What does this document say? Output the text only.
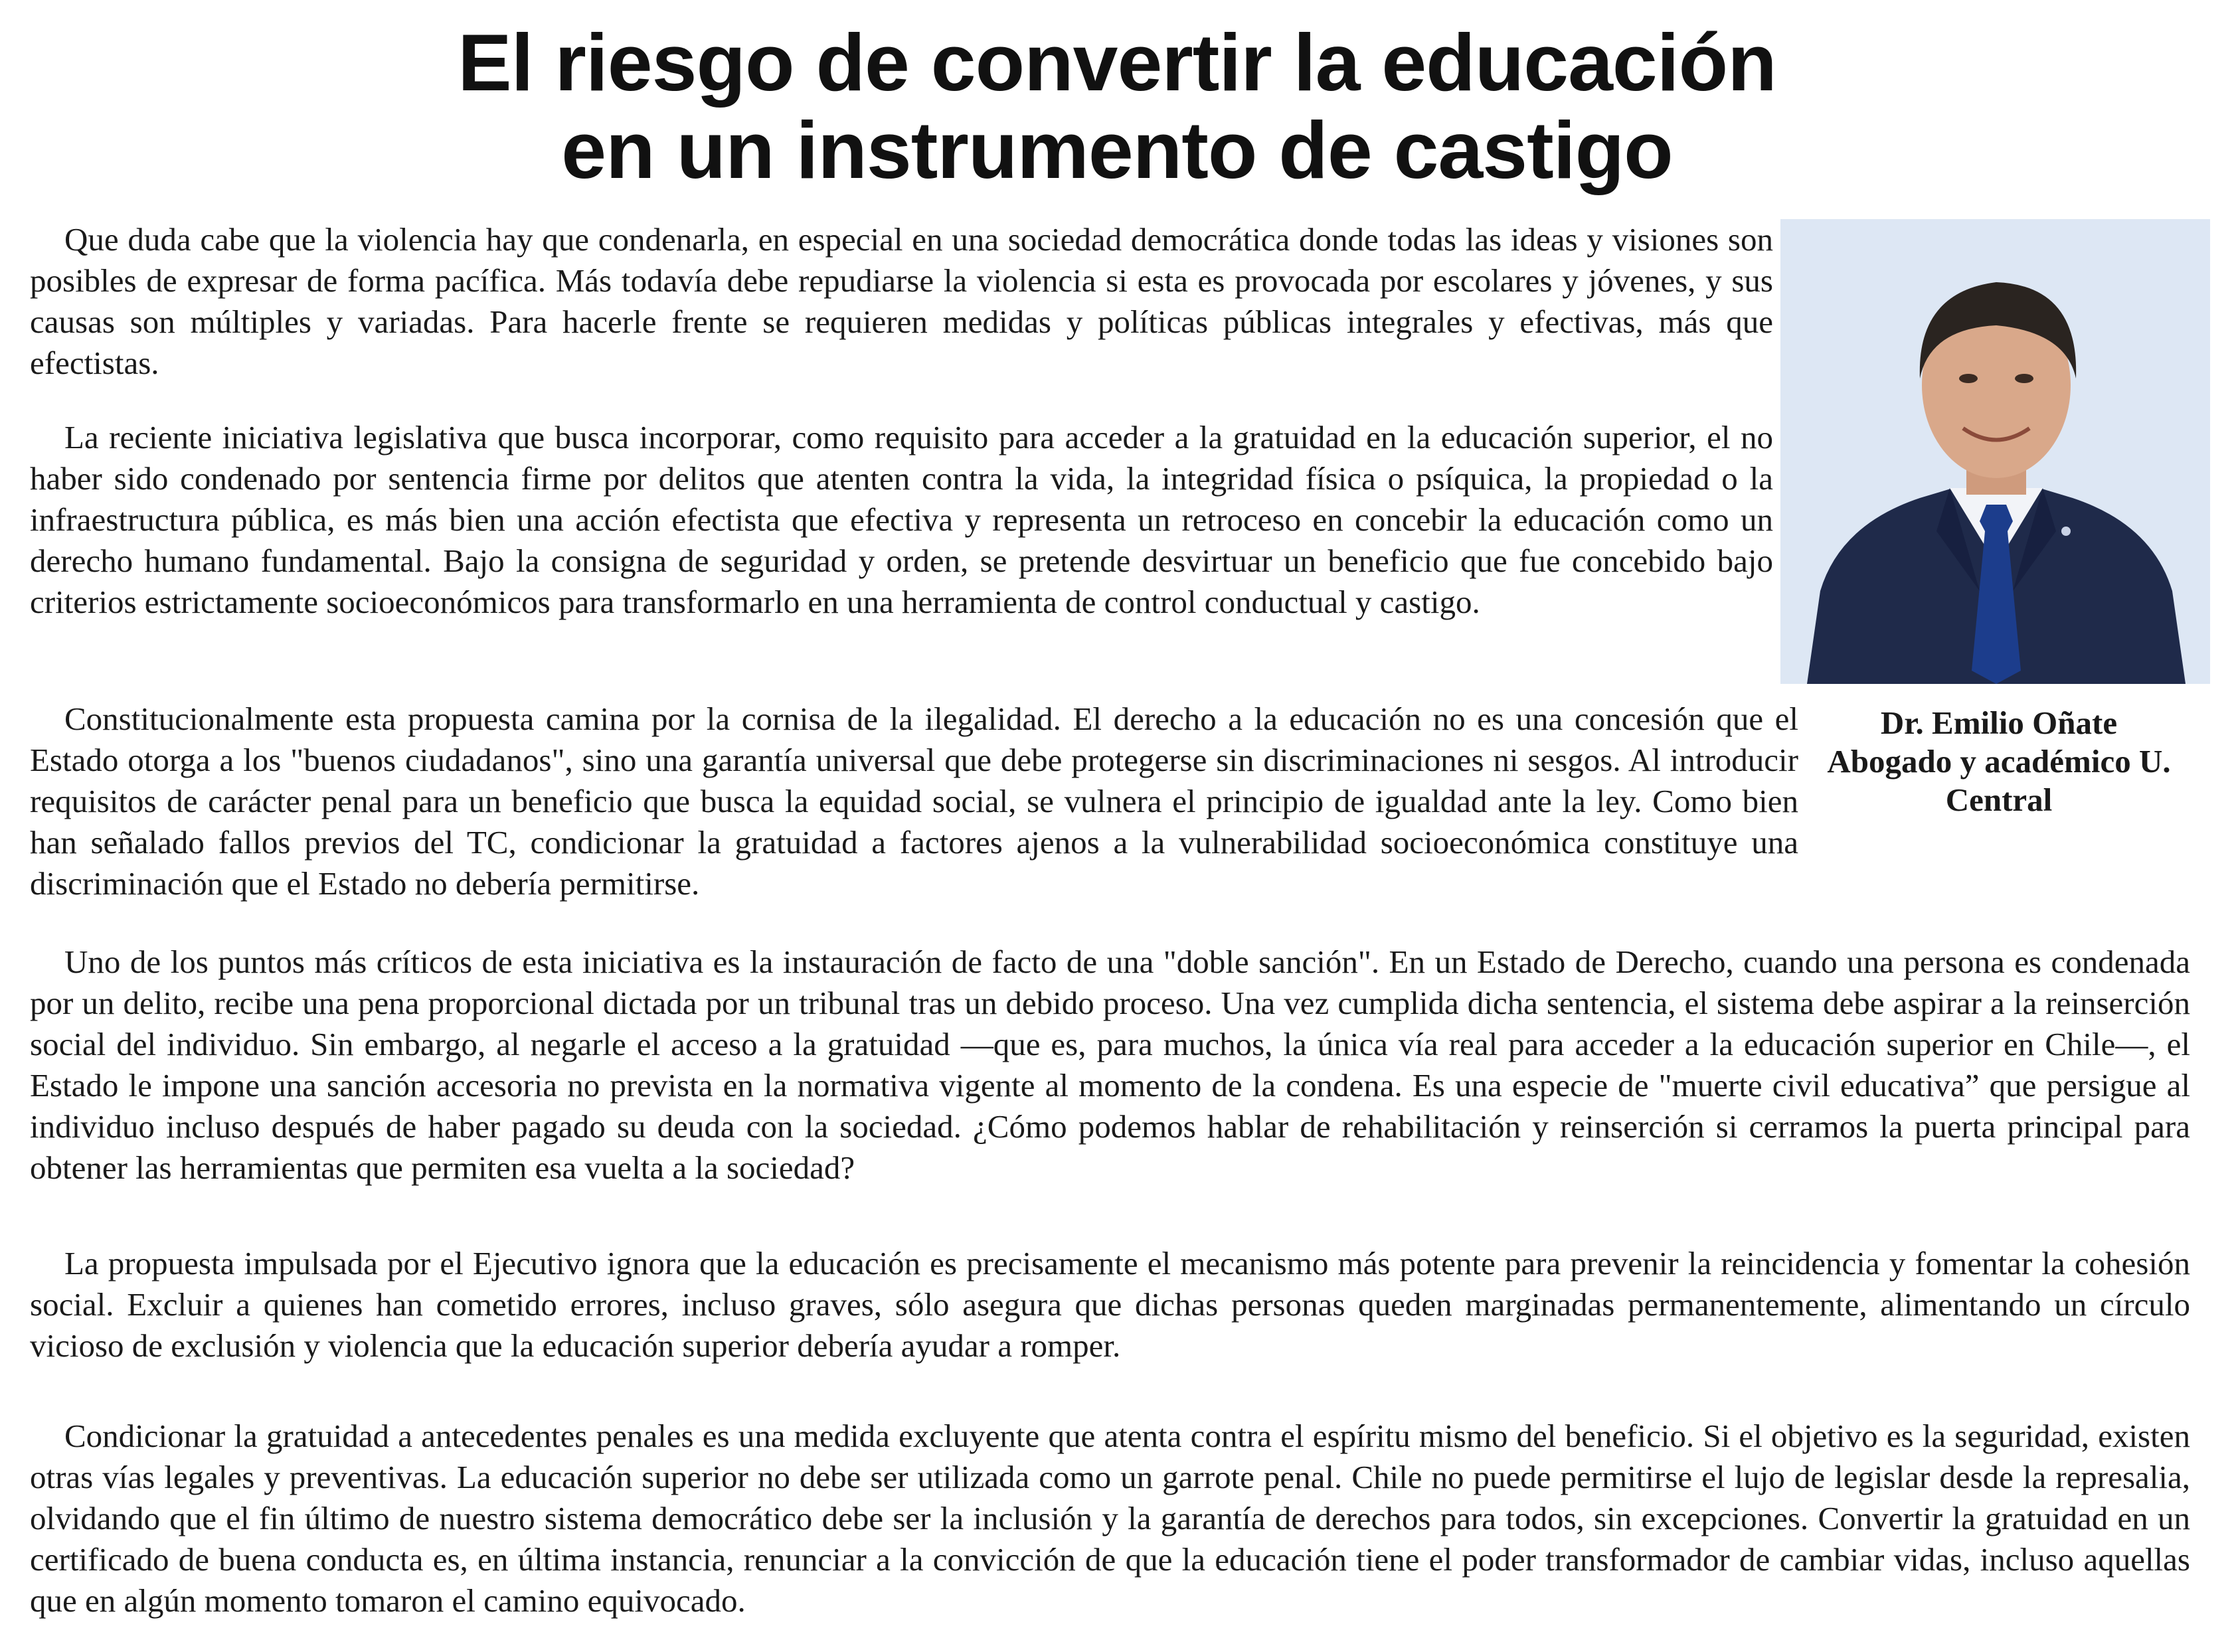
El riesgo de convertir la educación
en un instrumento de castigo

Que duda cabe que la violencia hay que condenarla, en especial en una sociedad democrática donde todas las ideas y visiones son posibles de expresar de forma pacífica. Más todavía debe repudiarse la violencia si esta es provocada por escolares y jóvenes, y sus causas son múltiples y variadas. Para hacerle frente se requieren medidas y políticas públicas integrales y efectivas, más que efectistas.

La reciente iniciativa legislativa que busca incorporar, como requisito para acceder a la gratuidad en la educación superior, el no haber sido condenado por sentencia firme por delitos que atenten contra la vida, la integridad física o psíquica, la propiedad o la infraestructura pública, es más bien una acción efectista que efectiva y representa un retroceso en concebir la educación como un derecho humano fundamental. Bajo la consigna de seguridad y orden, se pretende desvirtuar un beneficio que fue concebido bajo criterios estrictamente socioeconómicos para transformarlo en una herramienta de control conductual y castigo.

Constitucionalmente esta propuesta camina por la cornisa de la ilegalidad. El derecho a la educación no es una concesión que el Estado otorga a los "buenos ciudadanos", sino una garantía universal que debe protegerse sin discriminaciones ni sesgos. Al introducir requisitos de carácter penal para un beneficio que busca la equidad social, se vulnera el principio de igualdad ante la ley. Como bien han señalado fallos previos del TC, condicionar la gratuidad a factores ajenos a la vulnerabilidad socioeconómica constituye una discriminación que el Estado no debería permitirse.

Uno de los puntos más críticos de esta iniciativa es la instauración de facto de una "doble sanción". En un Estado de Derecho, cuando una persona es condenada por un delito, recibe una pena proporcional dictada por un tribunal tras un debido proceso. Una vez cumplida dicha sentencia, el sistema debe aspirar a la reinserción social del individuo. Sin embargo, al negarle el acceso a la gratuidad —que es, para muchos, la única vía real para acceder a la educación superior en Chile—, el Estado le impone una sanción accesoria no prevista en la normativa vigente al momento de la condena. Es una especie de "muerte civil educativa” que persigue al individuo incluso después de haber pagado su deuda con la sociedad. ¿Cómo podemos hablar de rehabilitación y reinserción si cerramos la puerta principal para obtener las herramientas que permiten esa vuelta a la sociedad?

La propuesta impulsada por el Ejecutivo ignora que la educación es precisamente el mecanismo más potente para prevenir la reincidencia y fomentar la cohesión social. Excluir a quienes han cometido errores, incluso graves, sólo asegura que dichas personas queden marginadas permanentemente, alimentando un círculo vicioso de exclusión y violencia que la educación superior debería ayudar a romper.

Condicionar la gratuidad a antecedentes penales es una medida excluyente que atenta contra el espíritu mismo del beneficio. Si el objetivo es la seguridad, existen otras vías legales y preventivas. La educación superior no debe ser utilizada como un garrote penal. Chile no puede permitirse el lujo de legislar desde la represalia, olvidando que el fin último de nuestro sistema democrático debe ser la inclusión y la garantía de derechos para todos, sin excepciones. Convertir la gratuidad en un certificado de buena conducta es, en última instancia, renunciar a la convicción de que la educación tiene el poder transformador de cambiar vidas, incluso aquellas que en algún momento tomaron el camino equivocado.

Dr. Emilio Oñate
Abogado y académico U. Central
